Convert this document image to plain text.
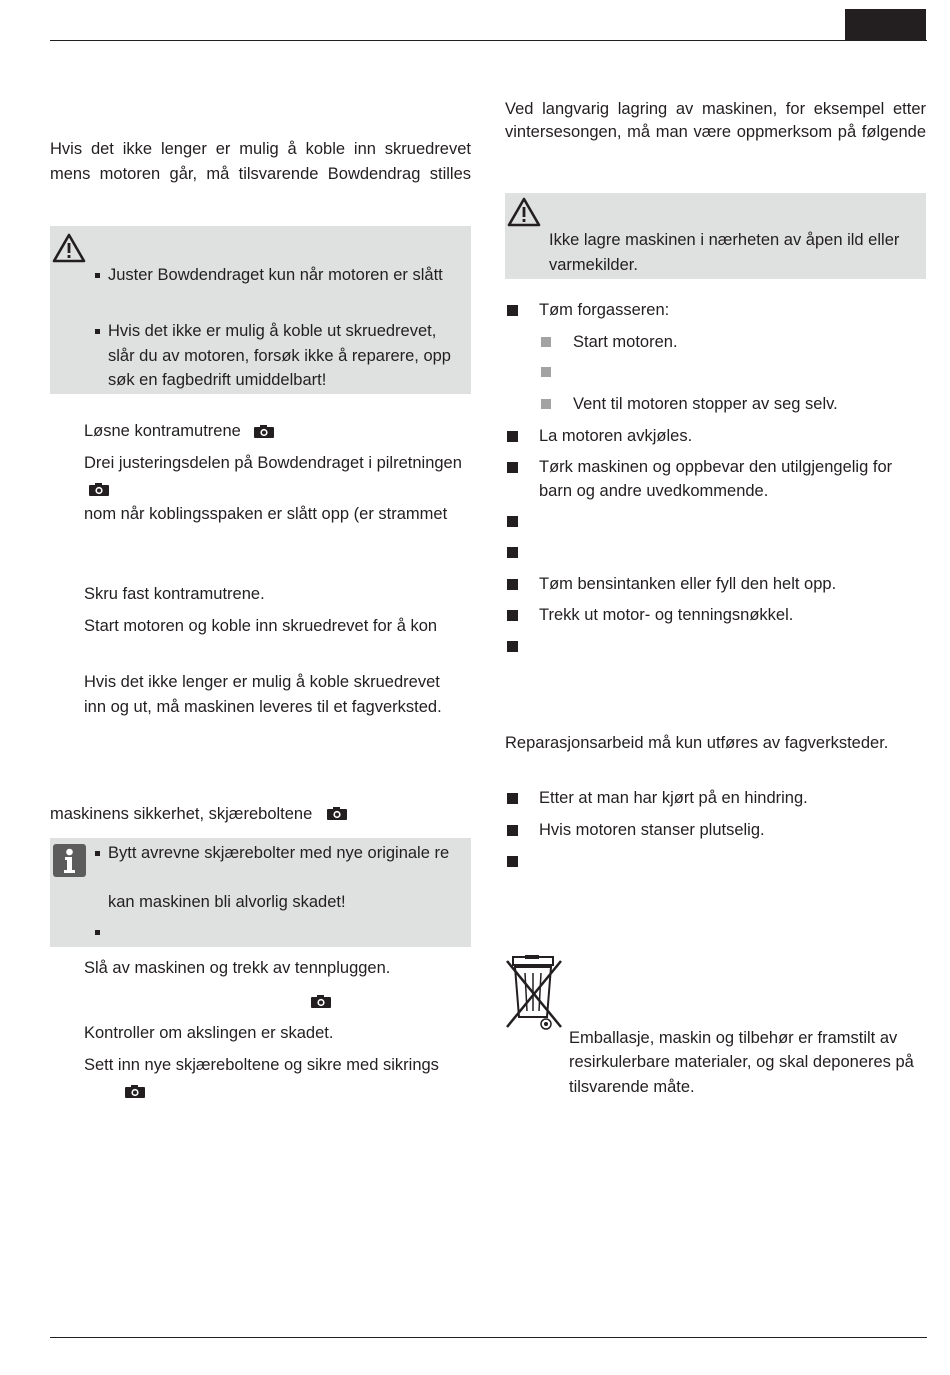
Hvis det ikke lenger er mulig å koble inn skruedrevet
mens motoren går, må tilsvarende Bowdendrag stilles
Juster Bowdendraget kun når motoren er slått
Hvis det ikke er mulig å koble ut skruedrevet,
slår du av motoren, forsøk ikke å reparere, opp
søk en fagbedrift umiddelbart!
Løsne kontramutrene
Drei justeringsdelen på Bowdendraget i pilretningen
nom når koblingsspaken er slått opp (er strammet
Skru fast kontramutrene.
Start motoren og koble inn skruedrevet for å kon
Hvis det ikke lenger er mulig å koble skruedrevet
inn og ut, må maskinen leveres til et fagverksted.
maskinens sikkerhet, skjæreboltene
Bytt avrevne skjærebolter med nye originale re
kan maskinen bli alvorlig skadet!
Slå av maskinen og trekk av tennpluggen.
Kontroller om akslingen er skadet.
Sett inn nye skjæreboltene og sikre med sikrings
Ved langvarig lagring av maskinen, for eksempel etter
vintersesongen, må man være oppmerksom på følgende
Ikke lagre maskinen i nærheten av åpen ild eller
varmekilder.
Tøm forgasseren:
Start motoren.
Vent til motoren stopper av seg selv.
La motoren avkjøles.
Tørk maskinen og oppbevar den utilgjengelig for
barn og andre uvedkommende.
Tøm bensintanken eller fyll den helt opp.
Trekk ut motor- og tenningsnøkkel.
Reparasjonsarbeid må kun utføres av fagverksteder.
Etter at man har kjørt på en hindring.
Hvis motoren stanser plutselig.
Emballasje, maskin og tilbehør er framstilt av
resirkulerbare materialer, og skal deponeres på
tilsvarende måte.
